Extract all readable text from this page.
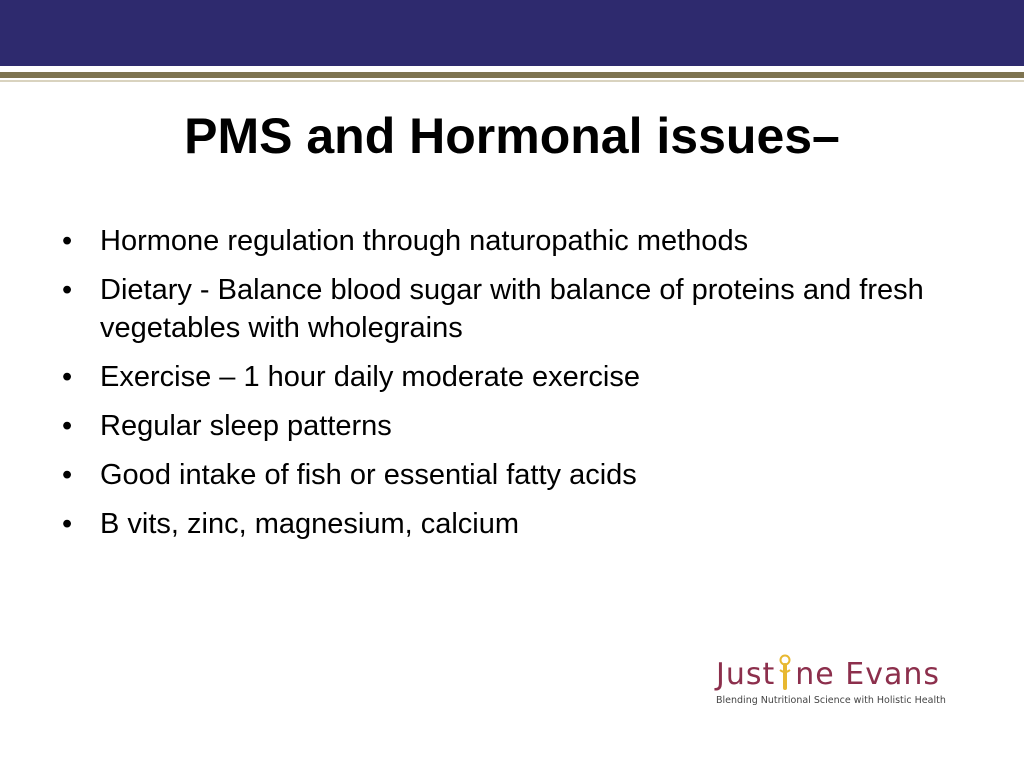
PMS and Hormonal issues–
• Hormone regulation through naturopathic methods
• Dietary - Balance blood sugar with balance of proteins and fresh vegetables with wholegrains
• Exercise – 1 hour daily moderate exercise
• Regular sleep patterns
• Good intake of fish or essential fatty acids
• B vits, zinc, magnesium, calcium
Just ne Evans
Blending Nutritional Science with Holistic Health
